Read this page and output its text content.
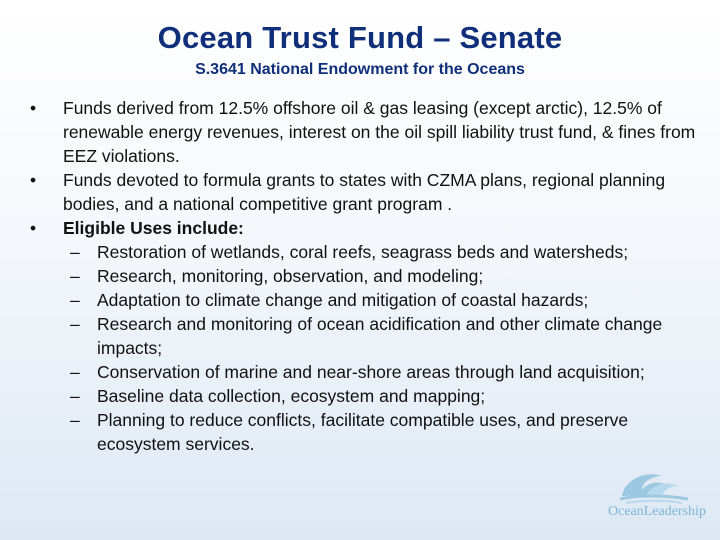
Ocean Trust Fund – Senate
S.3641 National Endowment for the Oceans
• Funds derived from 12.5% offshore oil & gas leasing (except arctic), 12.5% of renewable energy revenues, interest on the oil spill liability trust fund, & fines from EEZ violations.
• Funds devoted to formula grants to states with CZMA plans, regional planning bodies, and a national competitive grant program .
• Eligible Uses include:
– Restoration of wetlands, coral reefs, seagrass beds and watersheds;
– Research, monitoring, observation, and modeling;
– Adaptation to climate change and mitigation of coastal hazards;
– Research and monitoring of ocean acidification and other climate change impacts;
– Conservation of marine and near-shore areas through land acquisition;
– Baseline data collection, ecosystem and mapping;
– Planning to reduce conflicts, facilitate compatible uses, and preserve ecosystem services.
OceanLeadership
